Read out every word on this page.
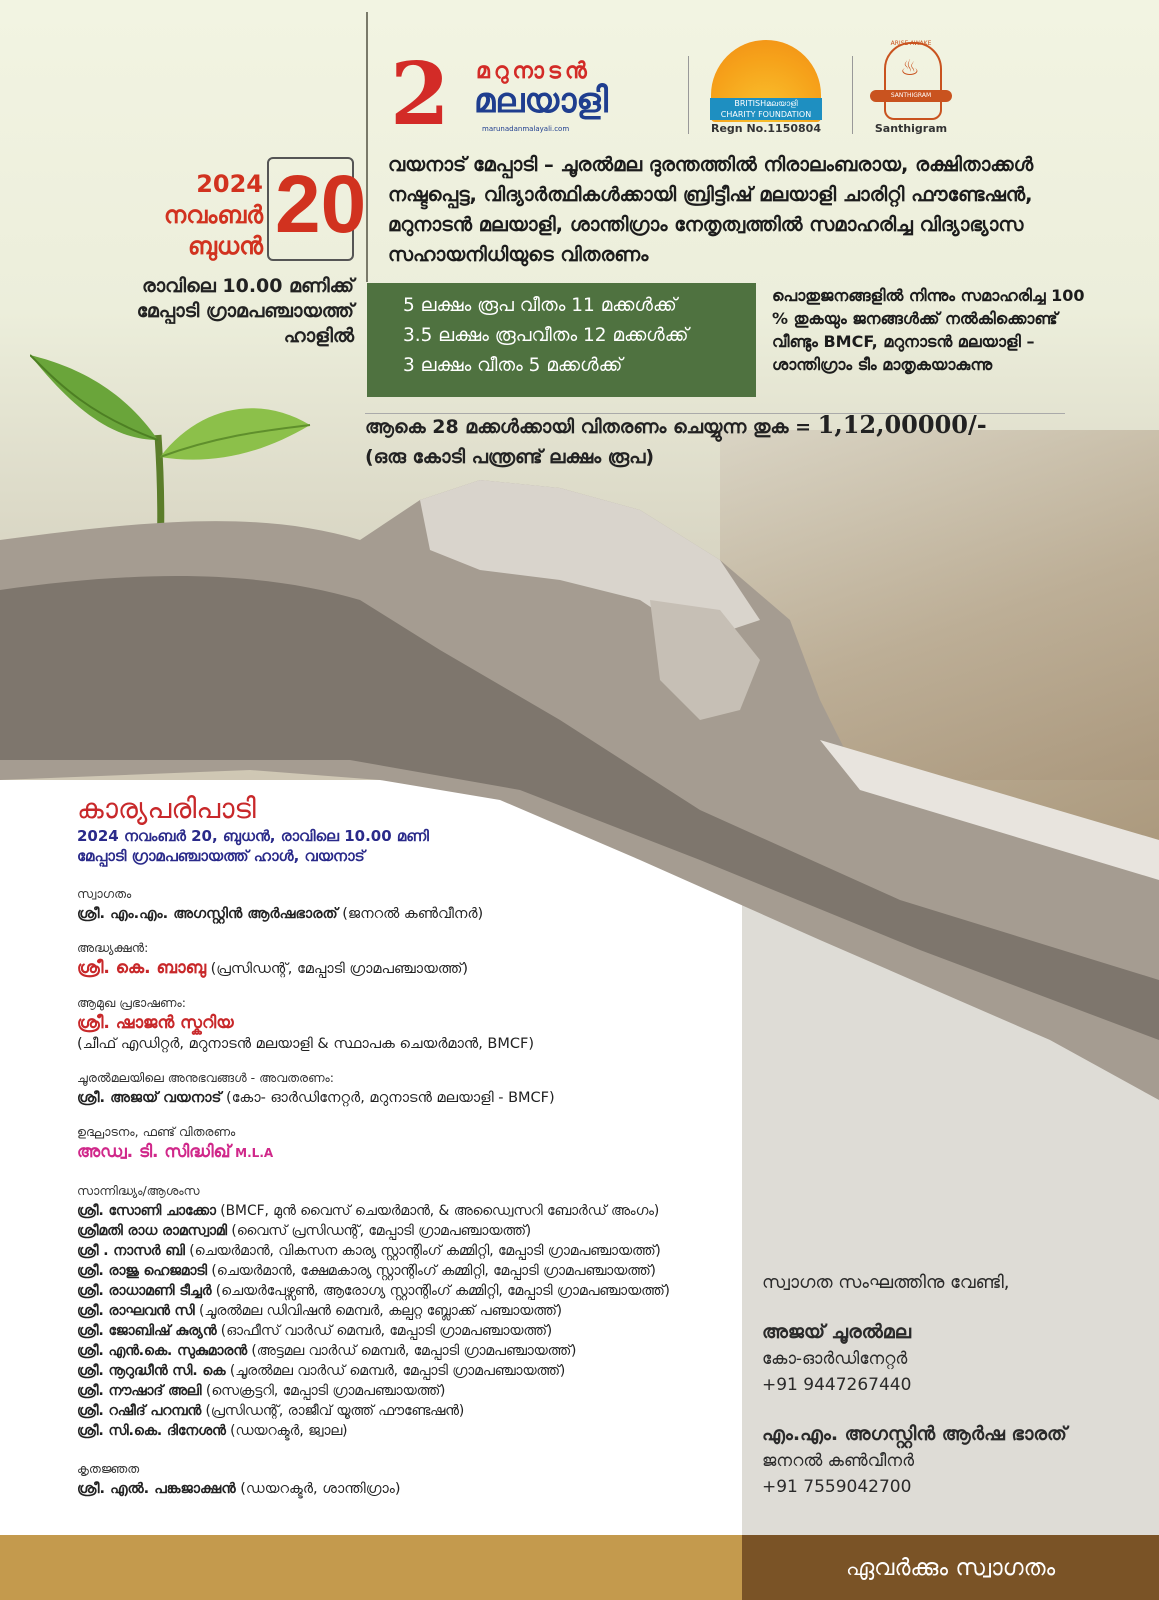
2 മറുനാടൻ
മലയാളി
marunadanmalayali.com
BRITISHമലയാളി
CHARITY FOUNDATION
Regn No.1150804
ARISE AWAKE
♨
SANTHIGRAM
Santhigram
2024
നവംബർ
ബുധൻ 20
രാവിലെ 10.00 മണിക്ക്
മേപ്പാടി ഗ്രാമപഞ്ചായത്ത്
ഹാളിൽ
വയനാട് മേപ്പാടി – ചൂരൽമല ദുരന്തത്തിൽ നിരാലംബരായ, രക്ഷിതാക്കൾ നഷ്ടപ്പെട്ട, വിദ്യാർത്ഥികൾക്കായി ബ്രിട്ടീഷ് മലയാളി ചാരിറ്റി ഫൗണ്ടേഷൻ, മറുനാടൻ മലയാളി, ശാന്തിഗ്രാം നേതൃത്വത്തിൽ സമാഹരിച്ച വിദ്യാഭ്യാസ സഹായനിധിയുടെ വിതരണം
5 ലക്ഷം രൂപ വീതം 11 മക്കൾക്ക്
3.5 ലക്ഷം രൂപവീതം 12 മക്കൾക്ക്
3 ലക്ഷം വീതം 5 മക്കൾക്ക്
പൊതുജനങ്ങളിൽ നിന്നും സമാഹരിച്ച 100 % തുകയും ജനങ്ങൾക്ക് നൽകിക്കൊണ്ട് വീണ്ടും BMCF, മറുനാടൻ മലയാളി – ശാന്തിഗ്രാം ടീം മാതൃകയാകുന്നു
ആകെ 28 മക്കൾക്കായി വിതരണം ചെയ്യുന്ന തുക = 1,12,00000/-
(ഒരു കോടി പന്ത്രണ്ട് ലക്ഷം രൂപ)
കാര്യപരിപാടി
2024 നവംബർ 20, ബുധൻ, രാവിലെ 10.00 മണി
മേപ്പാടി ഗ്രാമപഞ്ചായത്ത് ഹാൾ, വയനാട്
സ്വാഗതം
ശ്രീ. എം.എം. അഗസ്റ്റിൻ ആർഷഭാരത് (ജനറൽ കൺവീനർ)
അദ്ധ്യക്ഷൻ:
ശ്രീ. കെ. ബാബു (പ്രസിഡന്റ്, മേപ്പാടി ഗ്രാമപഞ്ചായത്ത്)
ആമുഖ പ്രഭാഷണം:
ശ്രീ. ഷാജൻ സ്കറിയ
(ചീഫ് എഡിറ്റർ, മറുനാടൻ മലയാളി & സ്ഥാപക ചെയർമാൻ, BMCF)
ചൂരൽമലയിലെ അനുഭവങ്ങൾ - അവതരണം:
ശ്രീ. അജയ് വയനാട് (കോ- ഓർഡിനേറ്റർ, മറുനാടൻ മലയാളി - BMCF)
ഉദ്ഘാടനം, ഫണ്ട് വിതരണം
അഡ്വ. ടി. സിദ്ധിഖ് M.L.A
സാന്നിദ്ധ്യം/ആശംസ
ശ്രീ. സോണി ചാക്കോ (BMCF, മുൻ വൈസ് ചെയർമാൻ, & അഡ്വൈസറി ബോർഡ് അംഗം)
ശ്രീമതി രാധ രാമസ്വാമി (വൈസ് പ്രസിഡന്റ്, മേപ്പാടി ഗ്രാമപഞ്ചായത്ത്)
ശ്രീ . നാസർ ബി (ചെയർമാൻ, വികസന കാര്യ സ്റ്റാന്റിംഗ് കമ്മിറ്റി, മേപ്പാടി ഗ്രാമപഞ്ചായത്ത്)
ശ്രീ. രാജു ഹെജമാടി (ചെയർമാൻ, ക്ഷേമകാര്യ സ്റ്റാന്റിംഗ് കമ്മിറ്റി, മേപ്പാടി ഗ്രാമപഞ്ചായത്ത്)
ശ്രീ. രാധാമണി ടീച്ചർ (ചെയർപേഴ്സൺ, ആരോഗ്യ സ്റ്റാന്റിംഗ് കമ്മിറ്റി, മേപ്പാടി ഗ്രാമപഞ്ചായത്ത്)
ശ്രീ. രാഘവൻ സി (ചൂരൽമല ഡിവിഷൻ മെമ്പർ, കല്പറ്റ ബ്ലോക്ക് പഞ്ചായത്ത്)
ശ്രീ. ജോബിഷ് കുര്യൻ (ഓഫീസ് വാർഡ് മെമ്പർ, മേപ്പാടി ഗ്രാമപഞ്ചായത്ത്)
ശ്രീ. എൻ.കെ. സുകുമാരൻ (അട്ടമല വാർഡ് മെമ്പർ, മേപ്പാടി ഗ്രാമപഞ്ചായത്ത്)
ശ്രീ. നൂറുദ്ധീൻ സി. കെ (ചൂരൽമല വാർഡ് മെമ്പർ, മേപ്പാടി ഗ്രാമപഞ്ചായത്ത്)
ശ്രീ. നൗഷാദ് അലി (സെക്രട്ടറി, മേപ്പാടി ഗ്രാമപഞ്ചായത്ത്)
ശ്രീ. റഷീദ് പറമ്പൻ (പ്രസിഡന്റ്, രാജീവ് യൂത്ത് ഫൗണ്ടേഷൻ)
ശ്രീ. സി.കെ. ദിനേശൻ (ഡയറക്ടർ, ജ്വാല)
കൃതജ്ഞത
ശ്രീ. എൽ. പങ്കജാക്ഷൻ (ഡയറക്ടർ, ശാന്തിഗ്രാം)
സ്വാഗത സംഘത്തിനു വേണ്ടി,
അജയ് ചൂരൽമല
കോ-ഓർഡിനേറ്റർ
+91 9447267440
എം.എം. അഗസ്റ്റിൻ ആർഷ ഭാരത്
ജനറൽ കൺവീനർ
+91 7559042700
ഏവർക്കും സ്വാഗതം
